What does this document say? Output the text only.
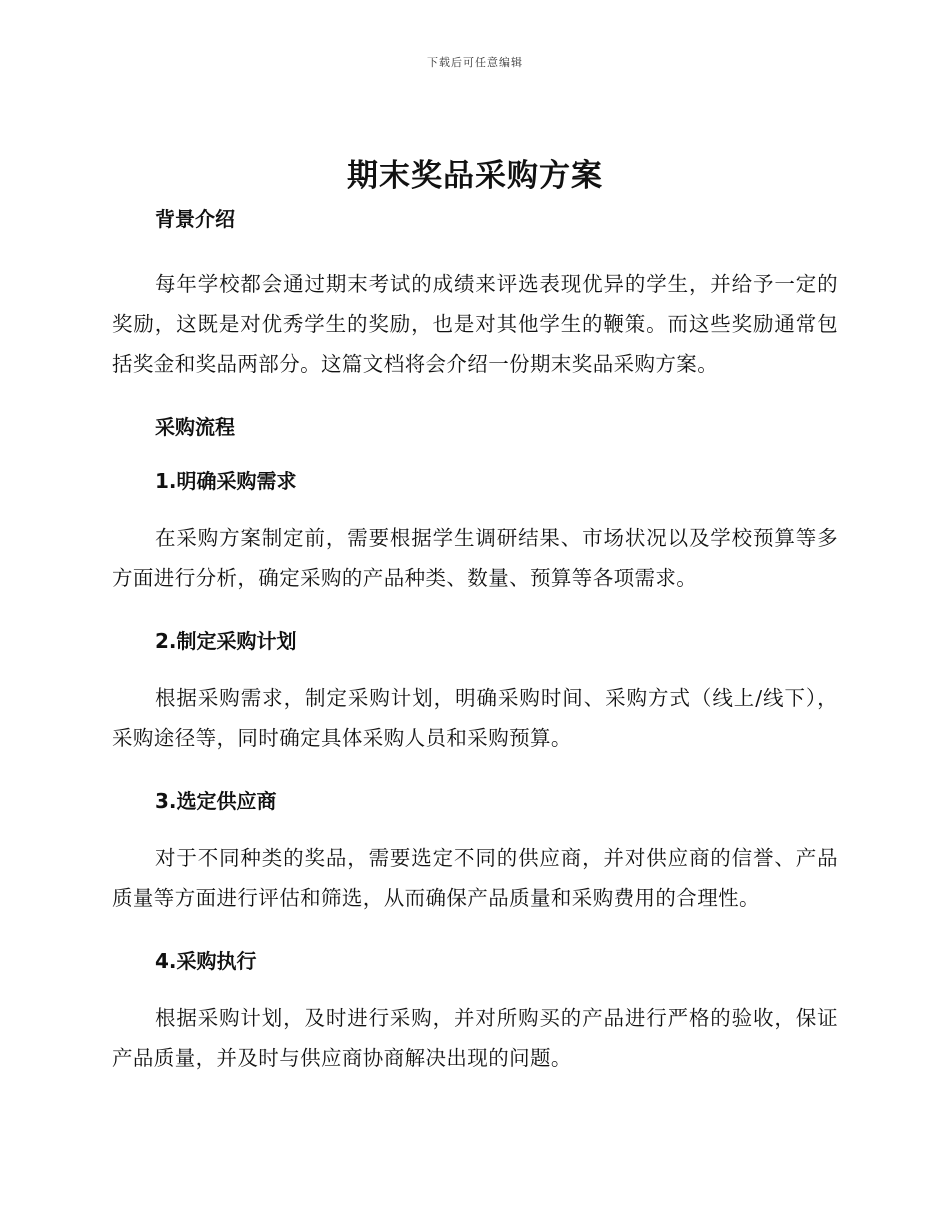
下载后可任意编辑
期末奖品采购方案
背景介绍

每年学校都会通过期末考试的成绩来评选表现优异的学生，并给予一定的奖励，这既是对优秀学生的奖励，也是对其他学生的鞭策。而这些奖励通常包括奖金和奖品两部分。这篇文档将会介绍一份期末奖品采购方案。

采购流程
1.明确采购需求

在采购方案制定前，需要根据学生调研结果、市场状况以及学校预算等多方面进行分析，确定采购的产品种类、数量、预算等各项需求。

2.制定采购计划

根据采购需求，制定采购计划，明确采购时间、采购方式（线上/线下），采购途径等，同时确定具体采购人员和采购预算。

3.选定供应商

对于不同种类的奖品，需要选定不同的供应商，并对供应商的信誉、产品质量等方面进行评估和筛选，从而确保产品质量和采购费用的合理性。

4.采购执行

根据采购计划，及时进行采购，并对所购买的产品进行严格的验收，保证产品质量，并及时与供应商协商解决出现的问题。
